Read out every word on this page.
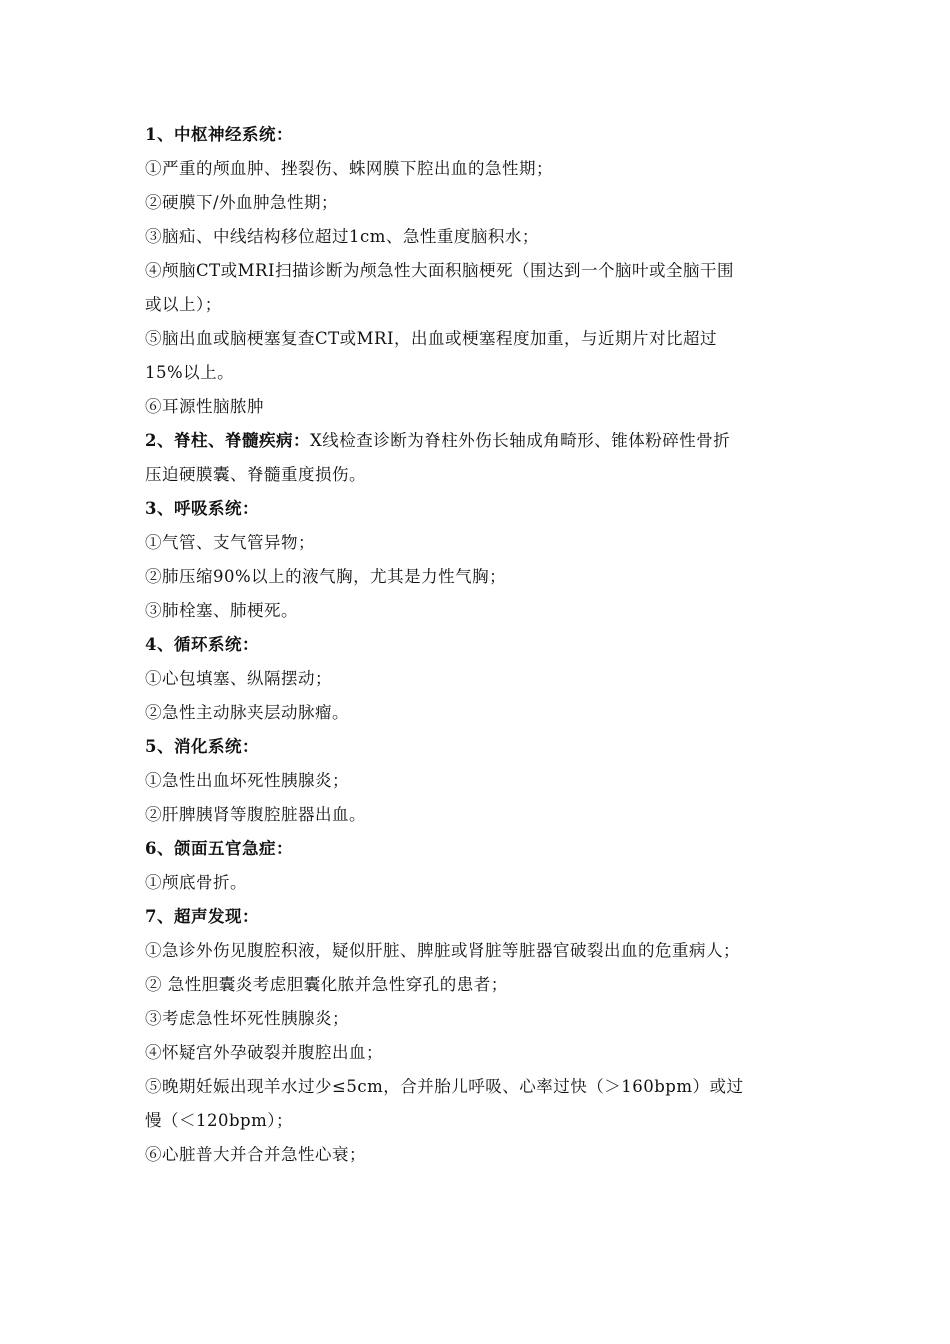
1、中枢神经系统：
①严重的颅血肿、挫裂伤、蛛网膜下腔出血的急性期；
②硬膜下/外血肿急性期；
③脑疝、中线结构移位超过1cm、急性重度脑积水；
④颅脑CT或MRI扫描诊断为颅急性大面积脑梗死（围达到一个脑叶或全脑干围
或以上）；
⑤脑出血或脑梗塞复查CT或MRI，出血或梗塞程度加重，与近期片对比超过
15%以上。
⑥耳源性脑脓肿
2、脊柱、脊髓疾病：X线检查诊断为脊柱外伤长轴成角畸形、锥体粉碎性骨折
压迫硬膜囊、脊髓重度损伤。
3、呼吸系统：
①气管、支气管异物；
②肺压缩90%以上的液气胸，尤其是力性气胸；
③肺栓塞、肺梗死。
4、循环系统：
①心包填塞、纵隔摆动；
②急性主动脉夹层动脉瘤。
5、消化系统：
①急性出血坏死性胰腺炎；
②肝脾胰肾等腹腔脏器出血。
6、颌面五官急症：
①颅底骨折。
7、超声发现：
①急诊外伤见腹腔积液，疑似肝脏、脾脏或肾脏等脏器官破裂出血的危重病人；
② 急性胆囊炎考虑胆囊化脓并急性穿孔的患者；
③考虑急性坏死性胰腺炎；
④怀疑宫外孕破裂并腹腔出血；
⑤晚期妊娠出现羊水过少≤5cm，合并胎儿呼吸、心率过快（＞160bpm）或过
慢（＜120bpm）；
⑥心脏普大并合并急性心衰；
